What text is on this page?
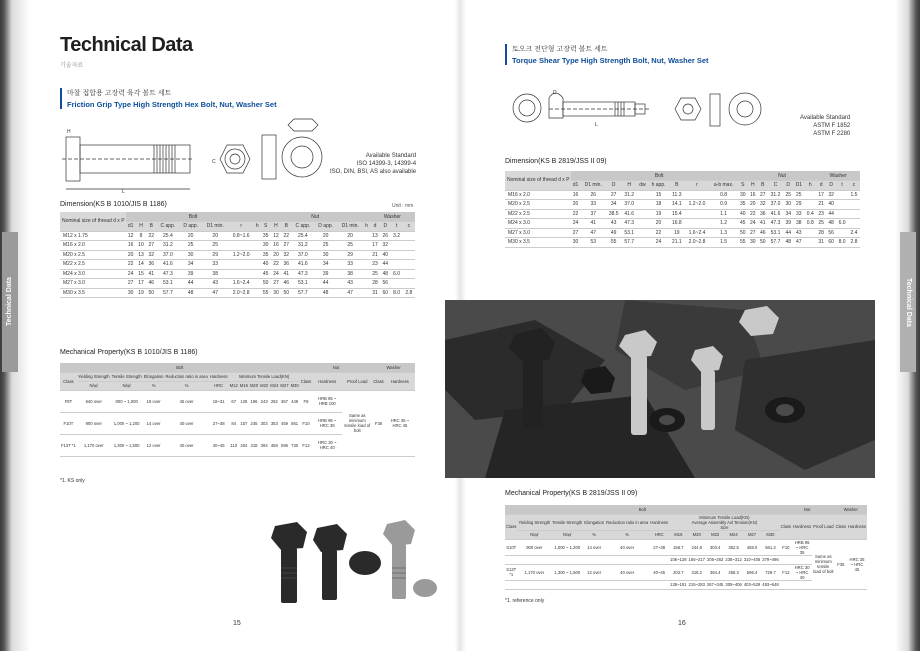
Technical Data
Technical Data
기술자료
마찰 접합용 고장력 육각 볼트 세트
Friction Grip Type High Strength Hex Bolt, Nut, Washer Set
L
H
C
Available Standard
ISO 14399-3, 14399-4
ISO, DIN, BSI, AS also available
Dimension(KS B 1010/JIS B 1186)	Unit : mm
Nominal size of thread d x P	Bolt								Nut							Washer			
	d1	H	B	C app.	D app.	D1 min.	r	h	S	H	B	C app.	D app.	D1 min.	h	d	D	t	c
M12 x 1.75	12	8	22	25.4	20	20	0.8~1.6		35	12	22	25.4	20	20		13	26	3.2	
M16 x 2.0	16	10	27	31.2	25	25			30	16	27	31.2	25	25		17	32		
M20 x 2.5	20	13	32	37.0	30	29	1.2~2.0		35	20	32	37.0	30	29		21	40		
M22 x 2.5	22	14	36	41.6	34	33			40	22	36	41.6	34	33		23	44		
M24 x 3.0	24	15	41	47.3	39	38			45	24	41	47.3	39	38		25	48	6.0	
M27 x 3.0	27	17	46	53.1	44	43	1.6~2.4		50	27	46	53.1	44	43		28	56		
M30 x 3.5	30	19	50	57.7	48	47	2.0~2.8		55	30	50	57.7	48	47		31	60	8.0	2.8
Mechanical Property(KS B 1010/JIS B 1186)
Bolt													Nut			Washer	
Class	Yielding Strength	Tensile Strength	Elongation	Reduction ratio in area	Hardness	Minimum Tensile Load(KN)							Class	Hardness	Proof Load	Class	Hardness
	N/㎟	N/㎟	%	%	HRC	M12	M16	M20	M22	M24	M27	M30					
F8T	640 over	800 ~ 1,000	16 over	45 over	18~31	67	125	196	243	282	367	449	F8	HRB 85 ~ HRB 100	Same as minimum tensile load of bolt	F35	HRC 35 ~ HRC 45
F10T	900 over	1,000 ~ 1,200	14 over	40 over	27~38	84	157	245	303	353	459	561	F10	HRB 95 ~ HRC 35			
F13T *1	1,170 over	1,300 ~ 1,500	12 over	40 over	40~45	110	204	318	394	458	596	730	F13	HRC 30 ~ HRC 40			
*1. KS only
15
Technical Data
토오크 전단형 고장력 볼트 세트
Torque Shear Type High Strength Bolt, Nut, Washer Set
L
D
Available Standard
ASTM F 1852
ASTM F 2280
Dimension(KS B 2819/JSS II 09)
Nominal size of thread d x P	Bolt										Nut						Washer			
	d1	D1 min.	D	H	dw	h app.	B	r	a-b max.	S	H	B	C	D	D1	h	d	D	t	c
M16 x 2.0	16	26	27	31.2		15	11.3		0.8	30	16	27	31.2	25	25		17	32		1.5
M20 x 2.5	20	33	34	37.0		18	14.1	1.2~2.0	0.9	35	20	32	37.0	30	29		21	40		
M22 x 2.5	22	37	38.5	41.6		19	15.4		1.1	40	22	36	41.6	34	33	0.4	23	44		
M24 x 3.0	24	41	43	47.3		20	16.8		1.2	45	24	41	47.3	39	38	0.8	25	48	6.0	
M27 x 3.0	27	47	49	53.1		22	19	1.6~2.4	1.3	50	27	46	53.1	44	43		28	56		2.4
M30 x 3.5	30	53	55	57.7		24	21.1	2.0~2.8	1.5	55	30	50	57.7	48	47		31	60	8.0	2.8
Mechanical Property(KS B 2819/JSS II 09)
Bolt												Nut			Washer	
Class	Yielding Strength	Tensile Strength	Elongation	Reduction ratio in area	Hardness	Minimum Tensile Load(KN)
Average Assembly Axl Tension(KN)
Size						Class	Hardness	Proof Load	Class	Hardness

	N/㎟	N/㎟	%	%	HRC	M16	M20	M22	M24	M27	M30					
S10T	900 over	1,000 ~ 1,200	14 over	40 over	27~38	156.7	244.8	303.4	352.5	458.0	561.3	F10	HRB 95 ~ HRC 35	Same as minimum tensile load of bolt	F35	HRC 35 ~ HRC 45
						106~128	165~217	205~263	238~312	310~406	379~496					
S12T *1	1,170 over	1,300 ~ 1,500	12 over	40 over	40~45	203.7	318.2	394.4	458.3	596.4	729.7	F13	HRC 30 ~ HRC 40			
						138~181	215~283	267~345	309~406	403~529	493~648					
*1. reference only
16
